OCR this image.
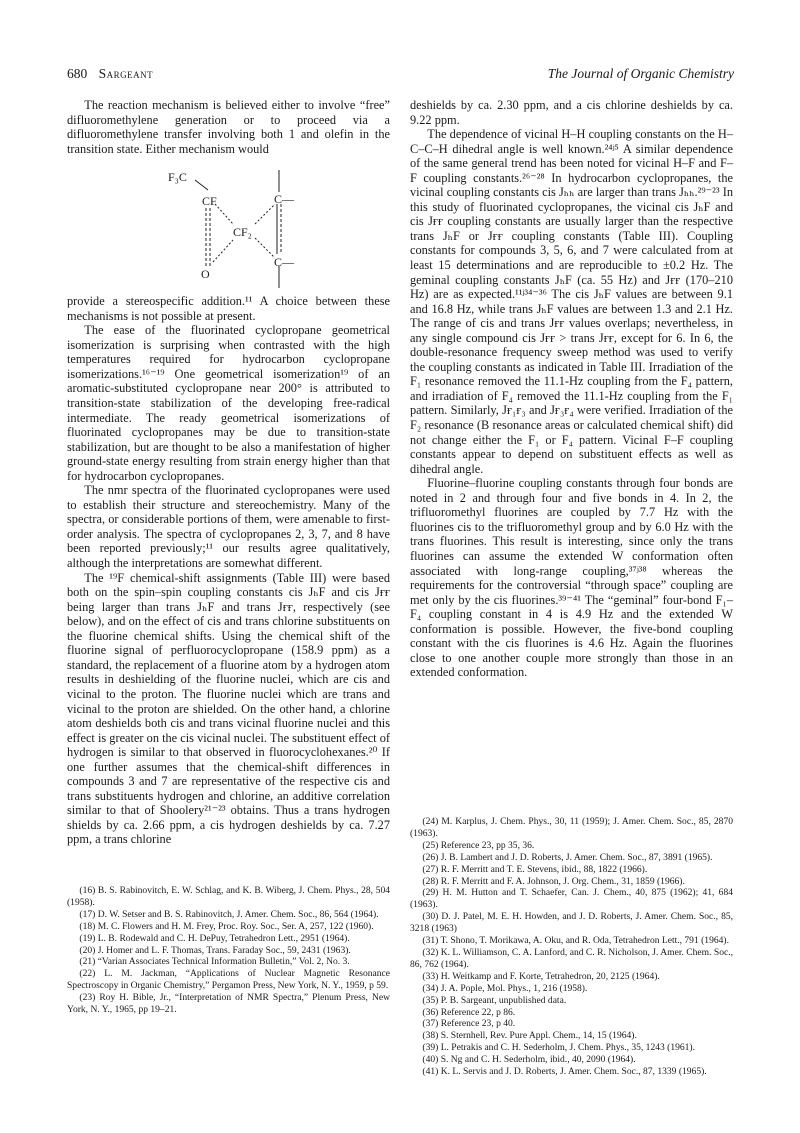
680 Sargeant	The Journal of Organic Chemistry

The reaction mechanism is believed either to involve “free” difluoromethylene generation or to proceed via a difluoromethylene transfer involving both 1 and olefin in the transition state. Either mechanism would

F₃C
CF
CF₂
O
C—
C—

provide a stereospecific addition.¹¹ A choice between these mechanisms is not possible at present.

The ease of the fluorinated cyclopropane geometrical isomerization is surprising when contrasted with the high temperatures required for hydrocarbon cyclopropane isomerizations.¹⁶⁻¹⁹ One geometrical isomerization¹⁹ of an aromatic-substituted cyclopropane near 200° is attributed to transition-state stabilization of the developing free-radical intermediate. The ready geometrical isomerizations of fluorinated cyclopropanes may be due to transition-state stabilization, but are thought to be also a manifestation of higher ground-state energy resulting from strain energy higher than that for hydrocarbon cyclopropanes.

The nmr spectra of the fluorinated cyclopropanes were used to establish their structure and stereochemistry. Many of the spectra, or considerable portions of them, were amenable to first-order analysis. The spectra of cyclopropanes 2, 3, 7, and 8 have been reported previously;¹¹ our results agree qualitatively, although the interpretations are somewhat different.

The ¹⁹F chemical-shift assignments (Table III) were based both on the spin–spin coupling constants cis JₕF and cis Jғғ being larger than trans JₕF and trans Jғғ, respectively (see below), and on the effect of cis and trans chlorine substituents on the fluorine chemical shifts. Using the chemical shift of the fluorine signal of perfluorocyclopropane (158.9 ppm) as a standard, the replacement of a fluorine atom by a hydrogen atom results in deshielding of the fluorine nuclei, which are cis and vicinal to the proton. The fluorine nuclei which are trans and vicinal to the proton are shielded. On the other hand, a chlorine atom deshields both cis and trans vicinal fluorine nuclei and this effect is greater on the cis vicinal nuclei. The substituent effect of hydrogen is similar to that observed in fluorocyclohexanes.²⁰ If one further assumes that the chemical-shift differences in compounds 3 and 7 are representative of the respective cis and trans substituents hydrogen and chlorine, an additive correlation similar to that of Shoolery²¹⁻²³ obtains. Thus a trans hydrogen shields by ca. 2.66 ppm, a cis hydrogen deshields by ca. 7.27 ppm, a trans chlorine

deshields by ca. 2.30 ppm, and a cis chlorine deshields by ca. 9.22 ppm.

The dependence of vicinal H–H coupling constants on the H–C–C–H dihedral angle is well known.²⁴ʲ⁵ A similar dependence of the same general trend has been noted for vicinal H–F and F–F coupling constants.²⁶⁻²⁸ In hydrocarbon cyclopropanes, the vicinal coupling constants cis Jₕₕ are larger than trans Jₕₕ.²⁹⁻²³ In this study of fluorinated cyclopropanes, the vicinal cis JₕF and cis Jғғ coupling constants are usually larger than the respective trans JₕF or Jғғ coupling constants (Table III). Coupling constants for compounds 3, 5, 6, and 7 were calculated from at least 15 determinations and are reproducible to ±0.2 Hz. The geminal coupling constants JₕF (ca. 55 Hz) and Jғғ (170–210 Hz) are as expected.¹¹ʲ³⁴⁻³⁶ The cis JₕF values are between 9.1 and 16.8 Hz, while trans JₕF values are between 1.3 and 2.1 Hz. The range of cis and trans Jғғ values overlaps; nevertheless, in any single compound cis Jғғ > trans Jғғ, except for 6. In 6, the double-resonance frequency sweep method was used to verify the coupling constants as indicated in Table III. Irradiation of the F₁ resonance removed the 11.1-Hz coupling from the F₄ pattern, and irradiation of F₄ removed the 11.1-Hz coupling from the F₁ pattern. Similarly, Jғ₁ғ₃ and Jғ₃ғ₄ were verified. Irradiation of the F₂ resonance (B resonance areas or calculated chemical shift) did not change either the F₁ or F₄ pattern. Vicinal F–F coupling constants appear to depend on substituent effects as well as dihedral angle.

Fluorine–fluorine coupling constants through four bonds are noted in 2 and through four and five bonds in 4. In 2, the trifluoromethyl fluorines are coupled by 7.7 Hz with the fluorines cis to the trifluoromethyl group and by 6.0 Hz with the trans fluorines. This result is interesting, since only the trans fluorines can assume the extended W conformation often associated with long-range coupling,³⁷ʲ³⁸ whereas the requirements for the controversial “through space” coupling are met only by the cis fluorines.³⁹⁻⁴¹ The “geminal” four-bond F₁–F₄ coupling constant in 4 is 4.9 Hz and the extended W conformation is possible. However, the five-bond coupling constant with the cis fluorines is 4.6 Hz. Again the fluorines close to one another couple more strongly than those in an extended conformation.

(16) B. S. Rabinovitch, E. W. Schlag, and K. B. Wiberg, J. Chem. Phys., 28, 504 (1958).

(17) D. W. Setser and B. S. Rabinovitch, J. Amer. Chem. Soc., 86, 564 (1964).

(18) M. C. Flowers and H. M. Frey, Proc. Roy. Soc., Ser. A, 257, 122 (1960).

(19) L. B. Rodewald and C. H. DePuy, Tetrahedron Lett., 2951 (1964).

(20) J. Homer and L. F. Thomas, Trans. Faraday Soc., 59, 2431 (1963).

(21) “Varian Associates Technical Information Bulletin,” Vol. 2, No. 3.

(22) L. M. Jackman, “Applications of Nuclear Magnetic Resonance Spectroscopy in Organic Chemistry,” Pergamon Press, New York, N. Y., 1959, p 59.

(23) Roy H. Bible, Jr., “Interpretation of NMR Spectra,” Plenum Press, New York, N. Y., 1965, pp 19–21.

(24) M. Karplus, J. Chem. Phys., 30, 11 (1959); J. Amer. Chem. Soc., 85, 2870 (1963).

(25) Reference 23, pp 35, 36.

(26) J. B. Lambert and J. D. Roberts, J. Amer. Chem. Soc., 87, 3891 (1965).

(27) R. F. Merritt and T. E. Stevens, ibid., 88, 1822 (1966).

(28) R. F. Merritt and F. A. Johnson, J. Org. Chem., 31, 1859 (1966).

(29) H. M. Hutton and T. Schaefer, Can. J. Chem., 40, 875 (1962); 41, 684 (1963).

(30) D. J. Patel, M. E. H. Howden, and J. D. Roberts, J. Amer. Chem. Soc., 85, 3218 (1963)

(31) T. Shono, T. Morikawa, A. Oku, and R. Oda, Tetrahedron Lett., 791 (1964).

(32) K. L. Williamson, C. A. Lanford, and C. R. Nicholson, J. Amer. Chem. Soc., 86, 762 (1964).

(33) H. Weitkamp and F. Korte, Tetrahedron, 20, 2125 (1964).

(34) J. A. Pople, Mol. Phys., 1, 216 (1958).

(35) P. B. Sargeant, unpublished data.

(36) Reference 22, p 86.

(37) Reference 23, p 40.

(38) S. Sternhell, Rev. Pure Appl. Chem., 14, 15 (1964).

(39) L. Petrakis and C. H. Sederholm, J. Chem. Phys., 35, 1243 (1961).

(40) S. Ng and C. H. Sederholm, ibid., 40, 2090 (1964).

(41) K. L. Servis and J. D. Roberts, J. Amer. Chem. Soc., 87, 1339 (1965).
